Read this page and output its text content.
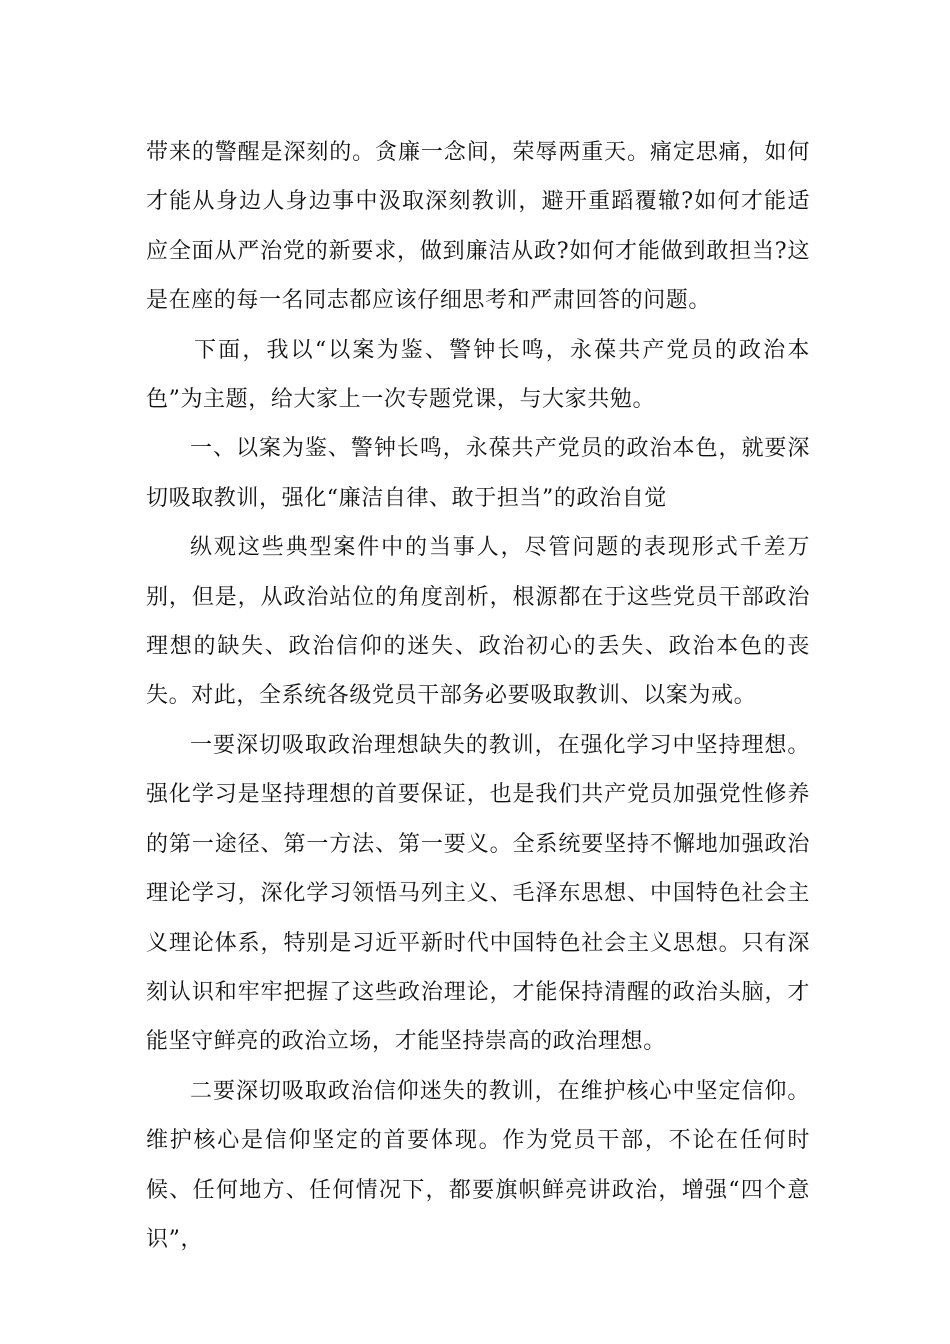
带来的警醒是深刻的。贪廉一念间，荣辱两重天。痛定思痛，如何才能从身边人身边事中汲取深刻教训，避开重蹈覆辙?如何才能适应全面从严治党的新要求，做到廉洁从政?如何才能做到敢担当?这是在座的每一名同志都应该仔细思考和严肃回答的问题。

下面，我以“以案为鉴、警钟长鸣，永葆共产党员的政治本色”为主题，给大家上一次专题党课，与大家共勉。

一、以案为鉴、警钟长鸣，永葆共产党员的政治本色，就要深切吸取教训，强化“廉洁自律、敢于担当”的政治自觉

纵观这些典型案件中的当事人，尽管问题的表现形式千差万别，但是，从政治站位的角度剖析，根源都在于这些党员干部政治理想的缺失、政治信仰的迷失、政治初心的丢失、政治本色的丧失。对此，全系统各级党员干部务必要吸取教训、以案为戒。

一要深切吸取政治理想缺失的教训，在强化学习中坚持理想。强化学习是坚持理想的首要保证，也是我们共产党员加强党性修养的第一途径、第一方法、第一要义。全系统要坚持不懈地加强政治理论学习，深化学习领悟马列主义、毛泽东思想、中国特色社会主义理论体系，特别是习近平新时代中国特色社会主义思想。只有深刻认识和牢牢把握了这些政治理论，才能保持清醒的政治头脑，才能坚守鲜亮的政治立场，才能坚持崇高的政治理想。

二要深切吸取政治信仰迷失的教训，在维护核心中坚定信仰。维护核心是信仰坚定的首要体现。作为党员干部，不论在任何时候、任何地方、任何情况下，都要旗帜鲜亮讲政治，增强“四个意识”，
